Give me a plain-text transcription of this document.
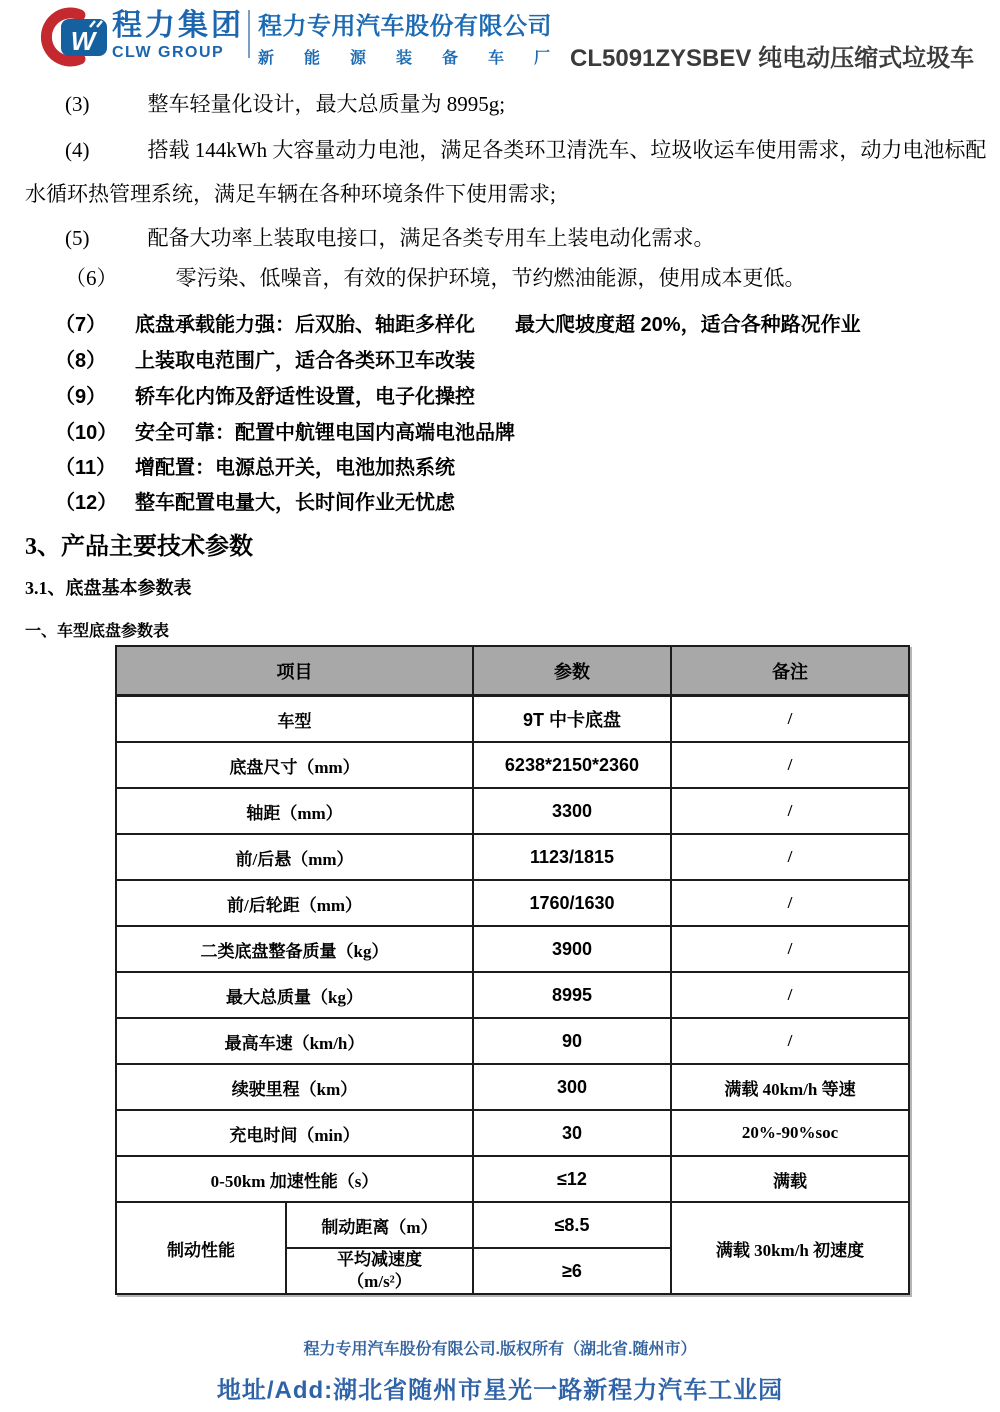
W 程力集团
CLW GROUP
程力专用汽车股份有限公司
新能源装备车厂
CL5091ZYSBEV 纯电动压缩式垃圾车

(3)	整车轻量化设计，最大总质量为 8995g;

(4)	搭载 144kWh 大容量动力电池，满足各类环卫清洗车、垃圾收运车使用需求，动力电池标配水循环热管理系统，满足车辆在各种环境条件下使用需求;

(5)	配备大功率上装取电接口，满足各类专用车上装电动化需求。

（6）	零污染、低噪音，有效的保护环境，节约燃油能源，使用成本更低。

（7） 底盘承载能力强：后双胎、轴距多样化　　最大爬坡度超 20%，适合各种路况作业

（8） 上装取电范围广，适合各类环卫车改装

（9） 轿车化内饰及舒适性设置，电子化操控

（10） 安全可靠：配置中航锂电国内高端电池品牌

（11） 增配置：电源总开关，电池加热系统

（12） 整车配置电量大，长时间作业无忧虑

3、产品主要技术参数
3.1、底盘基本参数表
一、车型底盘参数表
项目		参数	备注
车型		9T 中卡底盘	/
底盘尺寸（mm）		6238*2150*2360	/
轴距（mm）		3300	/
前/后悬（mm）		1123/1815	/
前/后轮距（mm）		1760/1630	/
二类底盘整备质量（kg）		3900	/
最大总质量（kg）		8995	/
最高车速（km/h）		90	/
续驶里程（km）		300	满载 40km/h 等速
充电时间（min）		30	20%-90%soc
0-50km 加速性能（s）		≤12	满载
制动性能	制动距离（m）	≤8.5	满载 30km/h 初速度

	平均减速度
（m/s²）	≥6	
程力专用汽车股份有限公司.版权所有（湖北省.随州市）
地址/Add:湖北省随州市星光一路新程力汽车工业园
